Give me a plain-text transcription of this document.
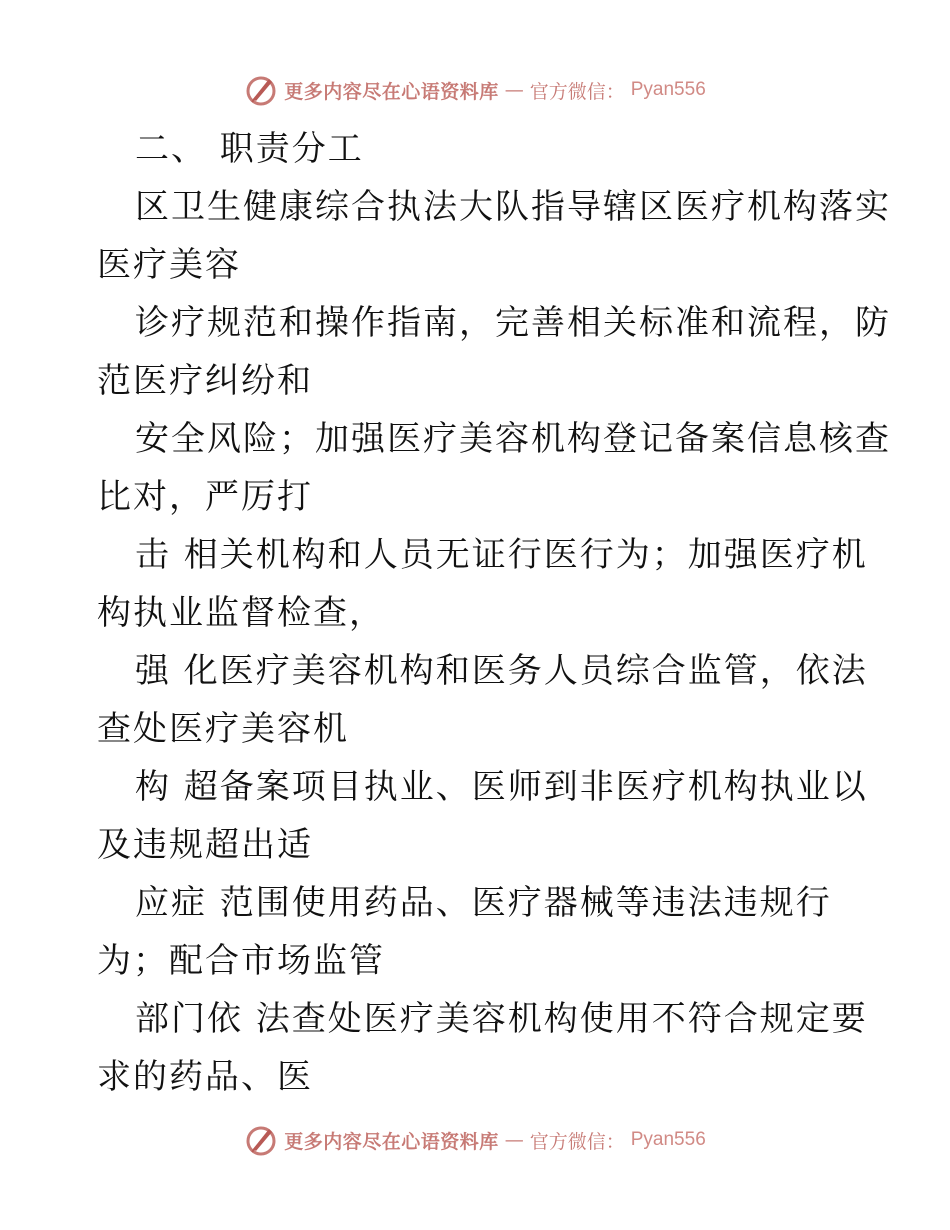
更多内容尽在心语资料库 — 官方微信： Pyan556
二、 职责分工
区卫生健康综合执法大队指导辖区医疗机构落实
医疗美容
诊疗规范和操作指南，完善相关标准和流程，防
范医疗纠纷和
安全风险；加强医疗美容机构登记备案信息核查
比对，严厉打
击 相关机构和人员无证行医行为；加强医疗机
构执业监督检查，
强 化医疗美容机构和医务人员综合监管，依法
查处医疗美容机
构 超备案项目执业、医师到非医疗机构执业以
及违规超出适
应症 范围使用药品、医疗器械等违法违规行
为；配合市场监管
部门依 法查处医疗美容机构使用不符合规定要
求的药品、医
更多内容尽在心语资料库 — 官方微信： Pyan556
